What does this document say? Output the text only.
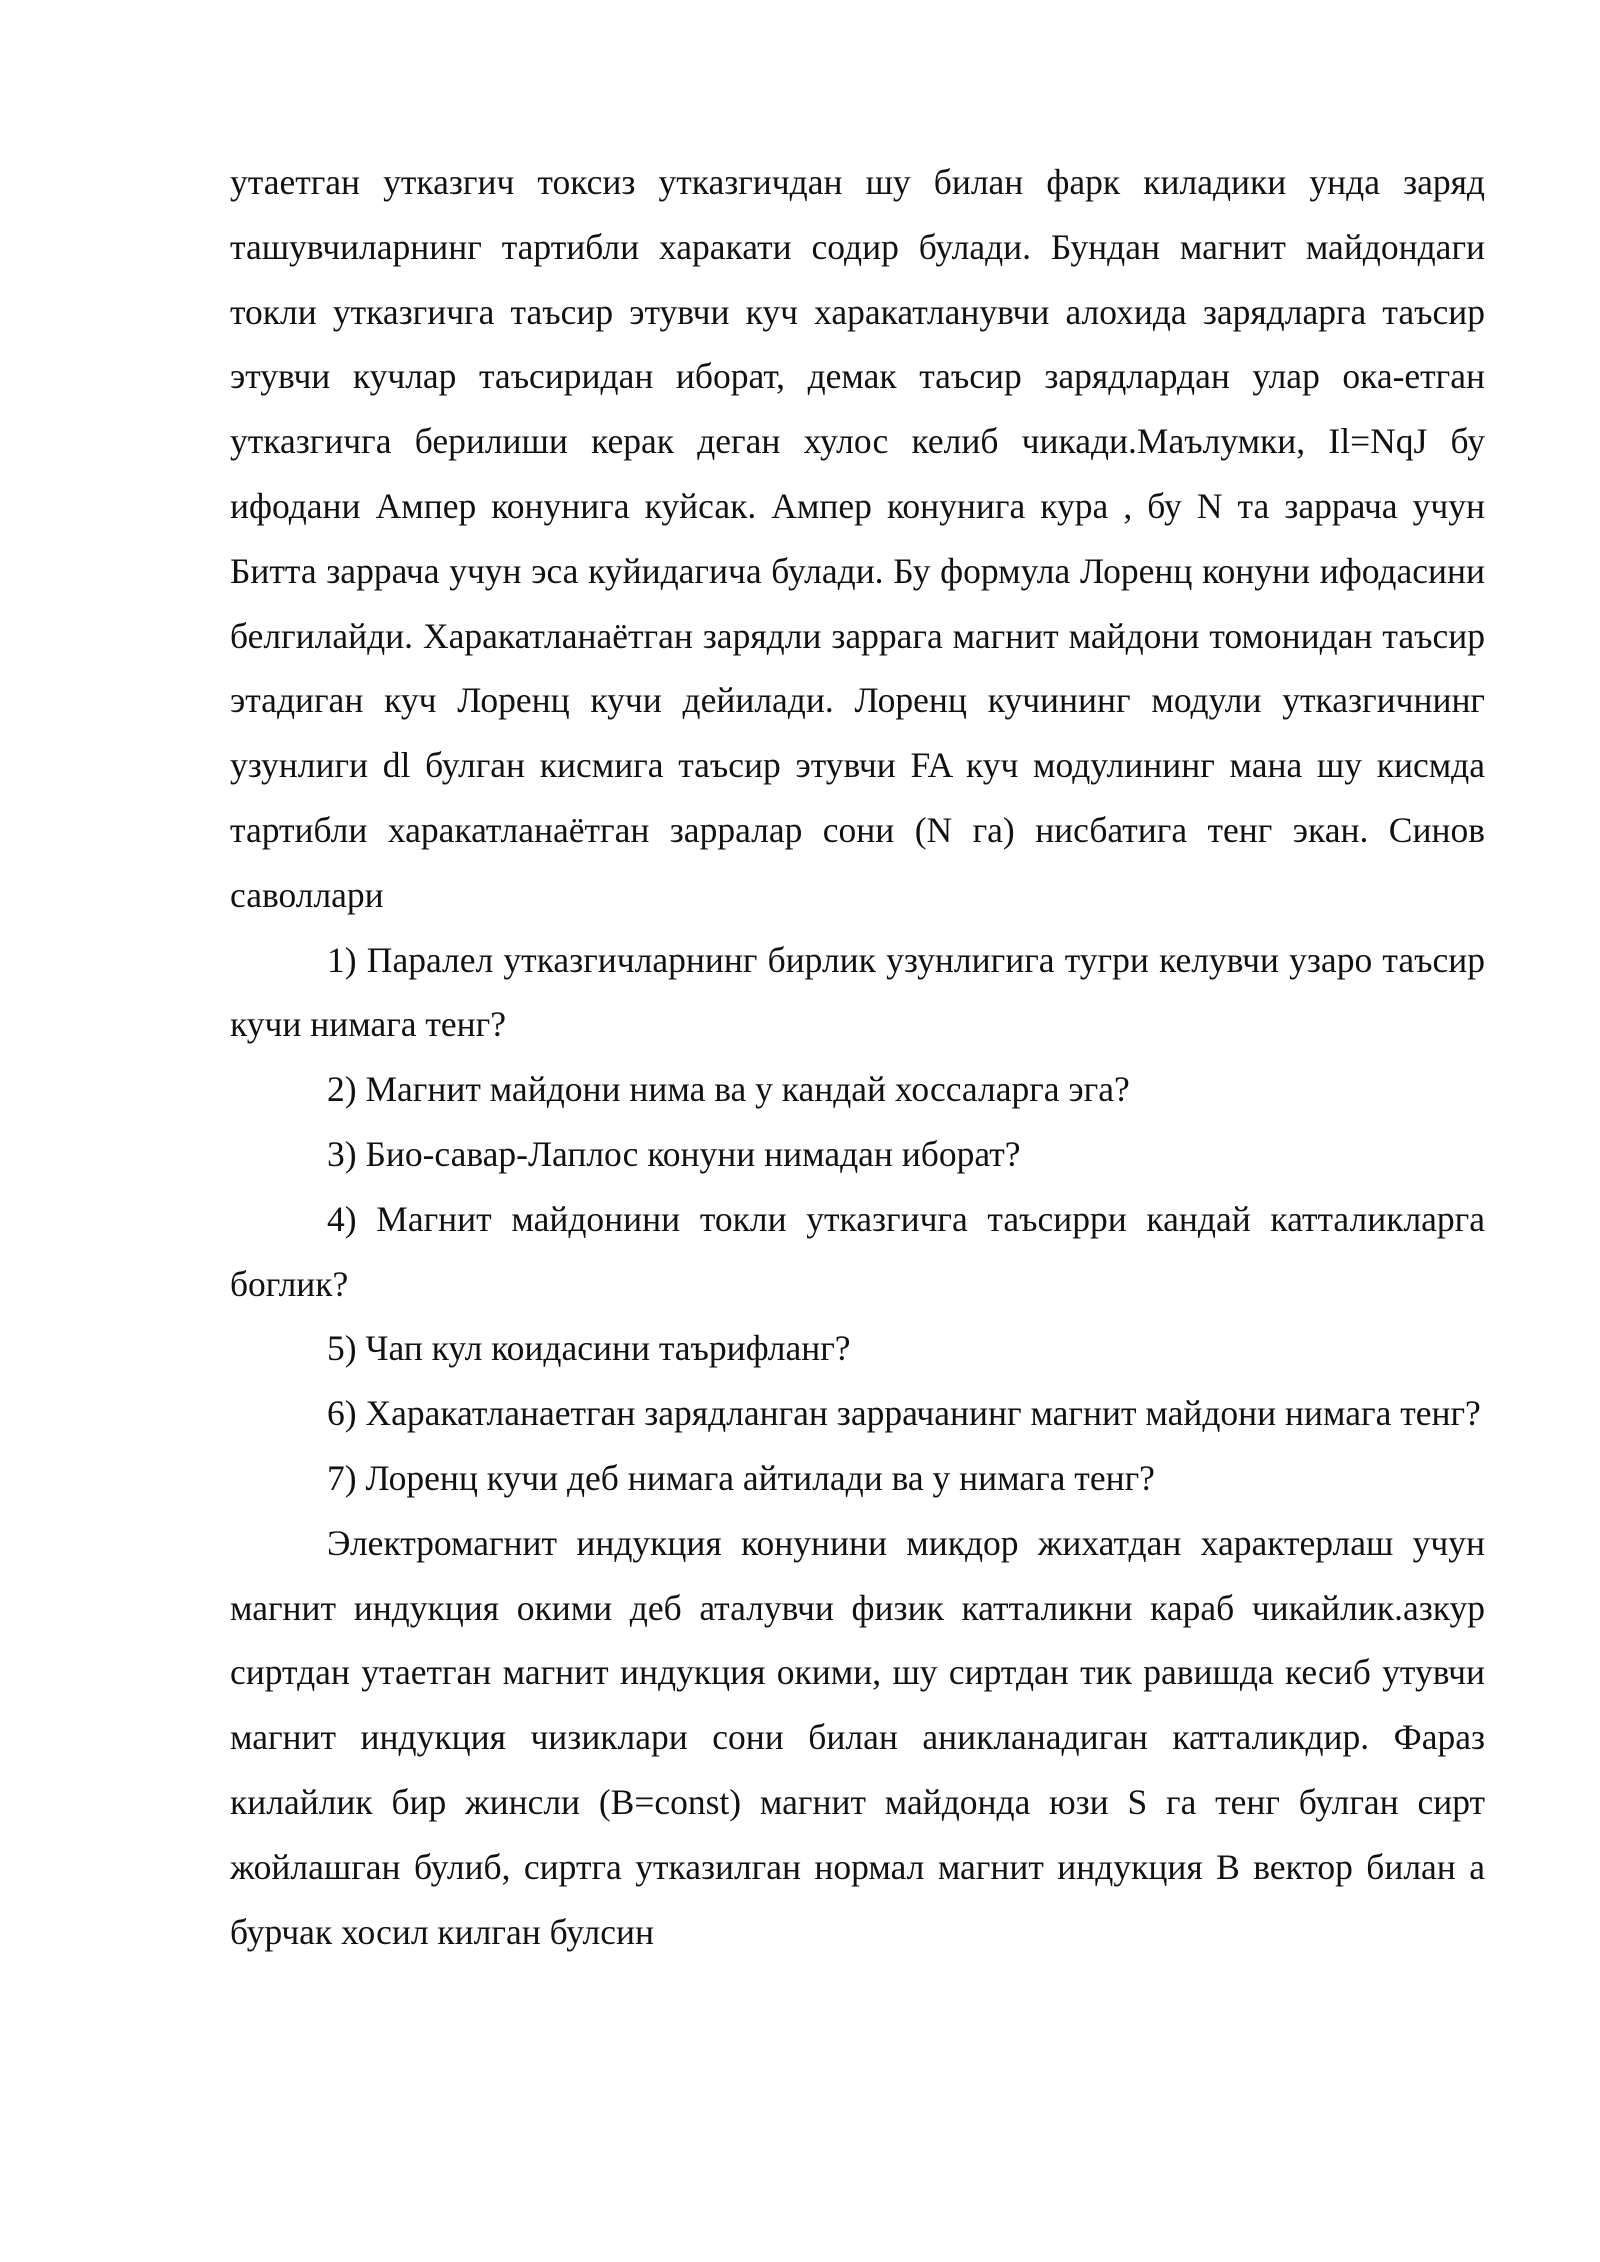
утаетган утказгич токсиз утказгичдан шу билан фарк киладики унда заряд ташувчиларнинг тартибли харакати содир булади. Бундан магнит майдондаги токли утказгичга таъсир этувчи куч харакатланувчи алохида зарядларга таъсир этувчи кучлар таъсиридан иборат, демак таъсир зарядлардан улар ока-етган утказгичга берилиши керак деган хулос келиб чикади.Маълумки, Il=NqJ бу ифодани Ампер конунига куйсак. Ампер конунига кура , бу N та заррача учун Битта заррача учун эса куйидагича булади. Бу формула Лоренц конуни ифодасини белгилайди. Харакатланаётган зарядли заррага магнит майдони томонидан таъсир этадиган куч Лоренц кучи дейилади. Лоренц кучининг модули утказгичнинг узунлиги dl булган кисмига таъсир этувчи FA куч модулининг мана шу кисмда тартибли харакатланаётган зарралар сони (N га) нисбатига тенг экан. Синов саволлари

1) Паралел утказгичларнинг бирлик узунлигига тугри келувчи узаро таъсир кучи нимага тенг?

2) Магнит майдони нима ва у кандай хоссаларга эга?

3) Био-савар-Лаплос конуни нимадан иборат?

4) Магнит майдонини токли утказгичга таъсирри кандай катталикларга боглик?

5) Чап кул коидасини таърифланг?

6) Харакатланаетган зарядланган заррачанинг магнит майдони нимага тенг?

7) Лоренц кучи деб нимага айтилади ва у нимага тенг?

Электромагнит индукция конунини микдор жихатдан характерлаш учун магнит индукция окими деб аталувчи физик катталикни караб чикайлик.азкур сиртдан утаетган магнит индукция окими, шу сиртдан тик равишда кесиб утувчи магнит индукция чизиклари сони билан аникланадиган катталикдир. Фараз килайлик бир жинсли (B=const) магнит майдонда юзи S га тенг булган сирт жойлашган булиб, сиртга утказилган нормал магнит индукция B вектор билан a бурчак хосил килган булсин
